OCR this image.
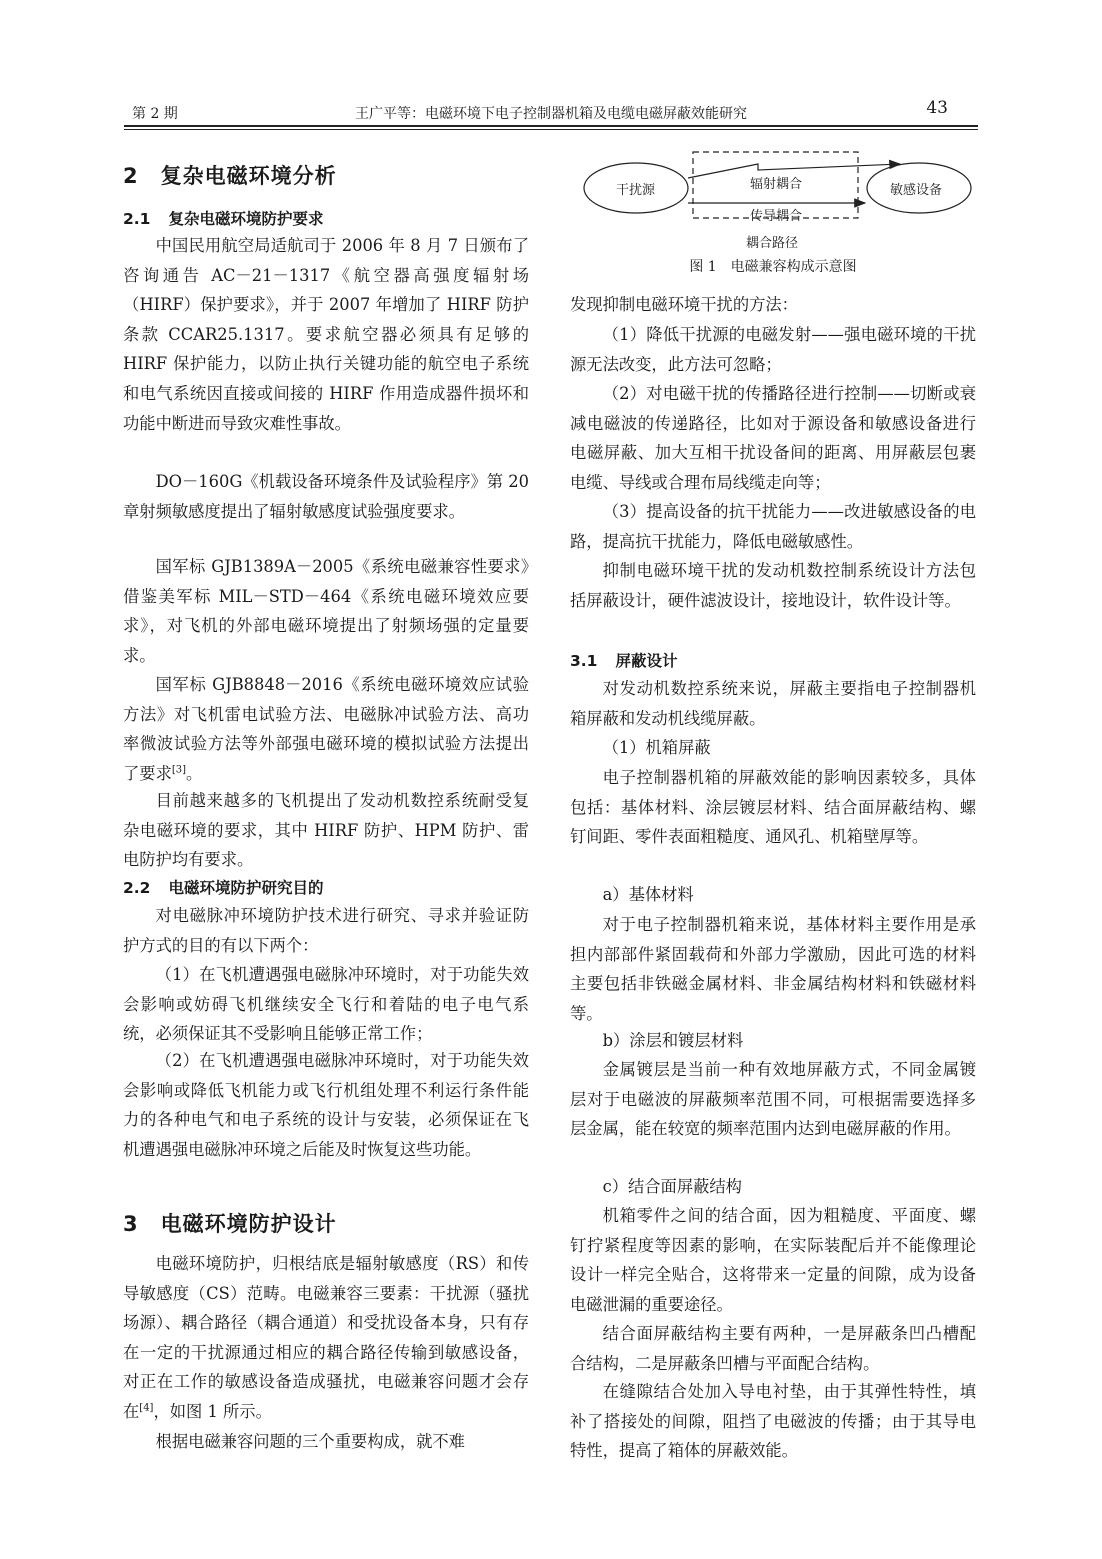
第 2 期	王广平等：电磁环境下电子控制器机箱及电缆电磁屏蔽效能研究	43
2 复杂电磁环境分析
2.1 复杂电磁环境防护要求

中国民用航空局适航司于 2006 年 8 月 7 日颁布了咨询通告 AC－21－1317《航空器高强度辐射场（HIRF）保护要求》，并于 2007 年增加了 HIRF 防护条款 CCAR25.1317。要求航空器必须具有足够的 HIRF 保护能力，以防止执行关键功能的航空电子系统和电气系统因直接或间接的 HIRF 作用造成器件损坏和功能中断进而导致灾难性事故。

DO－160G《机载设备环境条件及试验程序》第 20 章射频敏感度提出了辐射敏感度试验强度要求。

国军标 GJB1389A－2005《系统电磁兼容性要求》借鉴美军标 MIL－STD－464《系统电磁环境效应要求》，对飞机的外部电磁环境提出了射频场强的定量要求。

国军标 GJB8848－2016《系统电磁环境效应试验方法》对飞机雷电试验方法、电磁脉冲试验方法、高功率微波试验方法等外部强电磁环境的模拟试验方法提出了要求[3]。

目前越来越多的飞机提出了发动机数控系统耐受复杂电磁环境的要求，其中 HIRF 防护、HPM 防护、雷电防护均有要求。

2.2 电磁环境防护研究目的

对电磁脉冲环境防护技术进行研究、寻求并验证防护方式的目的有以下两个：

（1）在飞机遭遇强电磁脉冲环境时，对于功能失效会影响或妨碍飞机继续安全飞行和着陆的电子电气系统，必须保证其不受影响且能够正常工作；

（2）在飞机遭遇强电磁脉冲环境时，对于功能失效会影响或降低飞机能力或飞行机组处理不利运行条件能力的各种电气和电子系统的设计与安装，必须保证在飞机遭遇强电磁脉冲环境之后能及时恢复这些功能。

3 电磁环境防护设计

电磁环境防护，归根结底是辐射敏感度（RS）和传导敏感度（CS）范畴。电磁兼容三要素：干扰源（骚扰场源）、耦合路径（耦合通道）和受扰设备本身，只有存在一定的干扰源通过相应的耦合路径传输到敏感设备，对正在工作的敏感设备造成骚扰，电磁兼容问题才会存在[4]，如图 1 所示。

根据电磁兼容问题的三个重要构成，就不难

干扰源	辐射耦合
传导耦合
耦合路径
敏感设备
图 1　电磁兼容构成示意图

发现抑制电磁环境干扰的方法：

（1）降低干扰源的电磁发射——强电磁环境的干扰源无法改变，此方法可忽略；

（2）对电磁干扰的传播路径进行控制——切断或衰减电磁波的传递路径，比如对于源设备和敏感设备进行电磁屏蔽、加大互相干扰设备间的距离、用屏蔽层包裹电缆、导线或合理布局线缆走向等；

（3）提高设备的抗干扰能力——改进敏感设备的电路，提高抗干扰能力，降低电磁敏感性。

抑制电磁环境干扰的发动机数控制系统设计方法包括屏蔽设计，硬件滤波设计，接地设计，软件设计等。

3.1 屏蔽设计

对发动机数控系统来说，屏蔽主要指电子控制器机箱屏蔽和发动机线缆屏蔽。

（1）机箱屏蔽

电子控制器机箱的屏蔽效能的影响因素较多，具体包括：基体材料、涂层镀层材料、结合面屏蔽结构、螺钉间距、零件表面粗糙度、通风孔、机箱壁厚等。

a）基体材料

对于电子控制器机箱来说，基体材料主要作用是承担内部部件紧固载荷和外部力学激励，因此可选的材料主要包括非铁磁金属材料、非金属结构材料和铁磁材料等。

b）涂层和镀层材料

金属镀层是当前一种有效地屏蔽方式，不同金属镀层对于电磁波的屏蔽频率范围不同，可根据需要选择多层金属，能在较宽的频率范围内达到电磁屏蔽的作用。

c）结合面屏蔽结构

机箱零件之间的结合面，因为粗糙度、平面度、螺钉拧紧程度等因素的影响，在实际装配后并不能像理论设计一样完全贴合，这将带来一定量的间隙，成为设备电磁泄漏的重要途径。

结合面屏蔽结构主要有两种，一是屏蔽条凹凸槽配合结构，二是屏蔽条凹槽与平面配合结构。

在缝隙结合处加入导电衬垫，由于其弹性特性，填补了搭接处的间隙，阻挡了电磁波的传播；由于其导电特性，提高了箱体的屏蔽效能。
